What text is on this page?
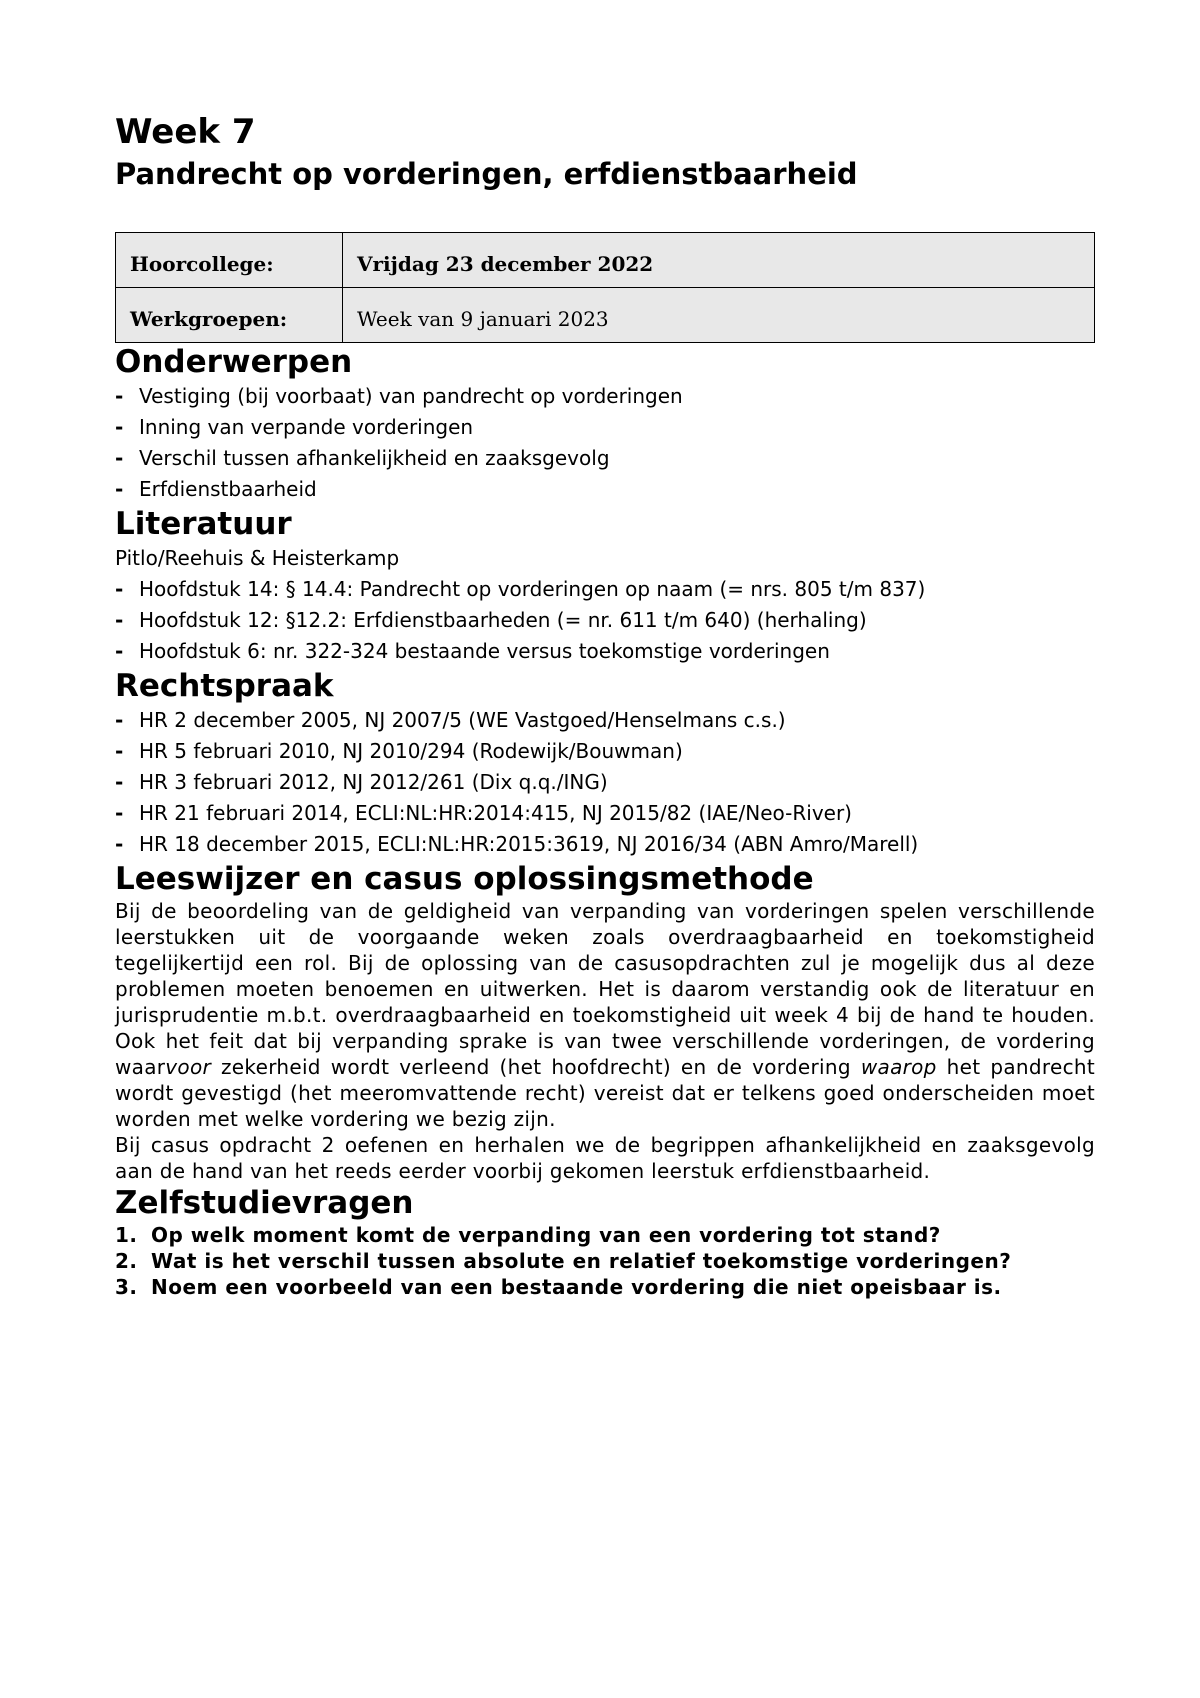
Week 7
Pandrecht op vorderingen, erfdienstbaarheid
Hoorcollege:	Vrijdag 23 december 2022
Werkgroepen:	Week van 9 januari 2023
Onderwerpen
- Vestiging (bij voorbaat) van pandrecht op vorderingen
- Inning van verpande vorderingen
- Verschil tussen afhankelijkheid en zaaksgevolg
- Erfdienstbaarheid
Literatuur

Pitlo/Reehuis & Heisterkamp

- Hoofdstuk 14: § 14.4: Pandrecht op vorderingen op naam (= nrs. 805 t/m 837)
- Hoofdstuk 12: §12.2: Erfdienstbaarheden (= nr. 611 t/m 640) (herhaling)
- Hoofdstuk 6: nr. 322-324 bestaande versus toekomstige vorderingen
Rechtspraak
- HR 2 december 2005, NJ 2007/5 (WE Vastgoed/Henselmans c.s.)
- HR 5 februari 2010, NJ 2010/294 (Rodewijk/Bouwman)
- HR 3 februari 2012, NJ 2012/261 (Dix q.q./ING)
- HR 21 februari 2014, ECLI:NL:HR:2014:415, NJ 2015/82 (IAE/Neo-River)
- HR 18 december 2015, ECLI:NL:HR:2015:3619, NJ 2016/34 (ABN Amro/Marell)
Leeswijzer en casus oplossingsmethode

Bij de beoordeling van de geldigheid van verpanding van vorderingen spelen verschillende leerstukken uit de voorgaande weken zoals overdraagbaarheid en toekomstigheid tegelijkertijd een rol. Bij de oplossing van de casusopdrachten zul je mogelijk dus al deze problemen moeten benoemen en uitwerken. Het is daarom verstandig ook de literatuur en jurisprudentie m.b.t. overdraagbaarheid en toekomstigheid uit week 4 bij de hand te houden. Ook het feit dat bij verpanding sprake is van twee verschillende vorderingen, de vordering waarvoor zekerheid wordt verleend (het hoofdrecht) en de vordering waarop het pandrecht wordt gevestigd (het meeromvattende recht) vereist dat er telkens goed onderscheiden moet worden met welke vordering we bezig zijn.

Bij casus opdracht 2 oefenen en herhalen we de begrippen afhankelijkheid en zaaksgevolg aan de hand van het reeds eerder voorbij gekomen leerstuk erfdienstbaarheid.

Zelfstudievragen
1. Op welk moment komt de verpanding van een vordering tot stand?
2. Wat is het verschil tussen absolute en relatief toekomstige vorderingen?
3. Noem een voorbeeld van een bestaande vordering die niet opeisbaar is.
